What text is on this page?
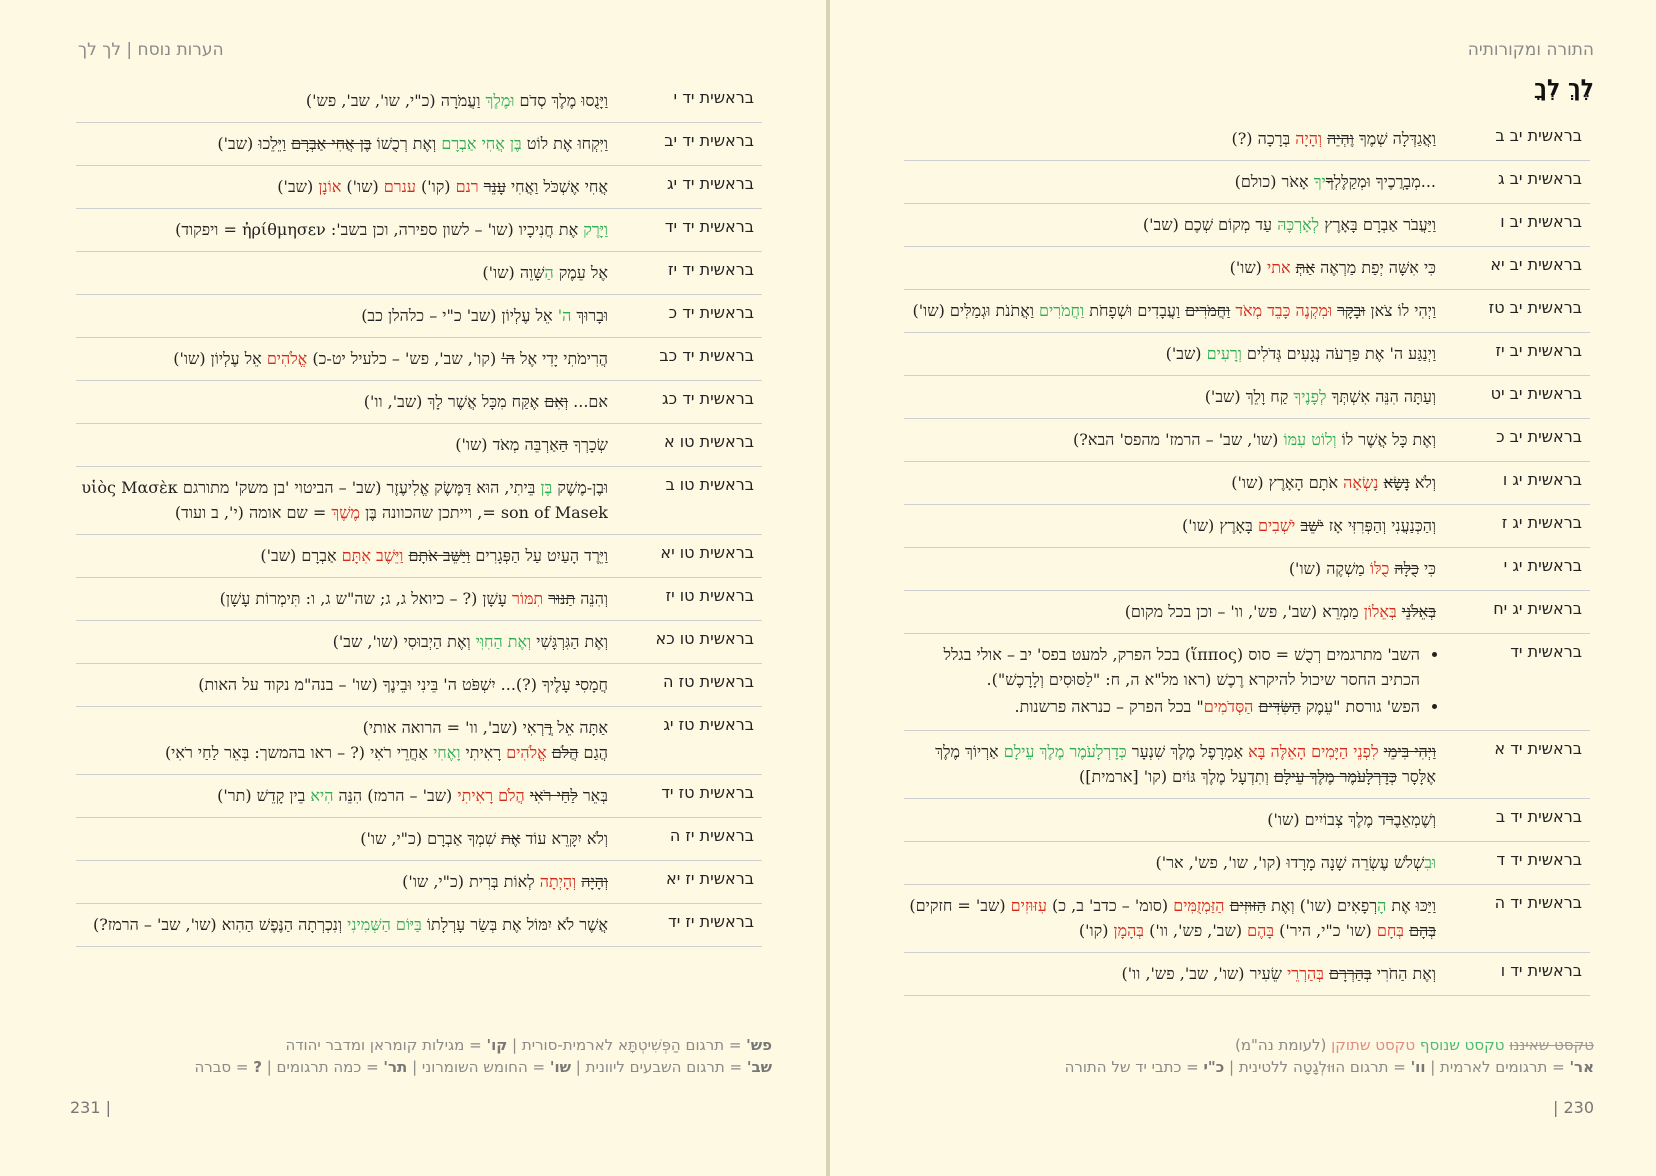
הערות נוסח | לך לך
בראשית יד י
וַיָּנֻסוּ מֶלֶךְ סְדֹם וּמֶלֶךְ וַעֲמֹרָה (כ"י, שו', שב', פש')
בראשית יד יב
וַיִּקְחוּ אֶת לוֹט בֶּן אֲחִי אַבְרָם וְאֶת רְכֻשׁוֹ בֶּן אֲחִי אַבְרָם וַיֵּלֵכוּ (שב')
בראשית יד יג
אֲחִי אֶשְׁכֹּל וַאֲחִי עָנֵר רנם (קו') ענרם (שו') אוֹנָן (שב')
בראשית יד יד
וַיָּרֶק אֶת חֲנִיכָיו (שו' – לשון ספירה, וכן בשב': ἠρίθμησεν = ויפקוד)
בראשית יד יז
אֶל עֵמֶק הַשָּׁוֵה (שו')
בראשית יד כ
וּבָרוּךְ ה' אֵל עֶלְיוֹן (שב' כ"י – כלהלן כב)
בראשית יד כב
הֲרִימֹתִי יָדִי אֶל ה' (קו', שב', פש' – כלעיל יט-כ) אֱלֹהִים אֵל עֶלְיוֹן (שו')
בראשית יד כג
אם... וְאִם אֶקַּח מִכָּל אֲשֶׁר לָךְ (שב', וו')
בראשית טו א
שְׂכָרְךָ הַאַרְבֵּה מְאֹד (שו')
בראשית טו ב
וּבֶן-מֶשֶׁק בֶּן בֵּיתִי, הוּא דַּמֶּשֶׂק אֱלִיעֶזֶר (שב' – הביטוי 'בן משק' מתורגם υἱὸς Μασὲκ = son of Masek, וייתכן שהכוונה בֶּן מֶשֶׁךְ = שם אומה (י', ב ועוד)
בראשית טו יא
וַיֵּרֶד הָעַיִט עַל הַפְּגָרִים וַיַּשֵּׁב אֹתָם וַיֵּשֶׁב אִתָּם אַבְרָם (שב')
בראשית טו יז
וְהִנֵּה תַנּוּר תִמּוֹר עָשָׁן (? – כיואל ג, ג; שה"ש ג, ו: תִּימְרוֹת עָשָׁן)
בראשית טו כא
וְאֶת הַגִּרְגָּשִׁי וְאֶת הַחִוִּי וְאֶת הַיְבוּסִי (שו', שב')
בראשית טז ה
חֲמָסִי עָלֶיךָ (?)... יִשְׁפֹּט ה' בֵּינִי וּבֵינֶךָ (שו' – בנה"מ נקוד על האות)
בראשית טז יג
אַתָּה אֵל רֳרְאִי (שב', וו' = הרואה אותי)
הֲגַם הֲלֹם אֱלֹהִים רָאִיתִי וָאֶחִי אַחֲרֵי רֹאִי (? – ראו בהמשך: בְּאֵר לַחַי רֹאִי)
בראשית טז יד
בְּאֵר לַחַי רֹאִי הֲלֹם רָאִיתִי (שב' – הרמז) הִנֵּה הִיא בֵין קָדֵשׁ (תר')
בראשית יז ה
וְלֹא יִקָּרֵא עוֹד אֶת שִׁמְךָ אַבְרָם (כ"י, שו')
בראשית יז יא
וְהָיָה וְהָיְתָה לְאוֹת בְּרִית (כ"י, שו')
בראשית יז יד
אֲשֶׁר לֹא יִמּוֹל אֶת בְּשַׂר עָרְלָתוֹ בַּיּוֹם הַשְּׁמִינִי וְנִכְרְתָה הַנֶּפֶשׁ הַהִוא (שו', שב' – הרמז?)
פש' = תרגום הַפְּשִׁיטְתָּא לארמית-סורית | קו' = מגילות קומראן ומדבר יהודה
שב' = תרגום השבעים ליוונית | שו' = החומש השומרוני | תר' = כמה תרגומים | ? = סברה
231 |
התורה ומקורותיה
לֶךְ לְךָ
בראשית יב ב
וַאֲגַדְּלָה שְׁמֶךָ וֶהְיֵה וְהָיָה בְּרָכָה (?)
בראשית יב ג
...מְבָרֲכֶיךָ וּמְקַלֶּלְךָיךָ אָאֹר (כולם)
בראשית יב ו
וַיַּעֲבֹר אַבְרָם בָּאָרֶץ לְאָרְכָּהּ עַד מְקוֹם שְׁכֶם (שב')
בראשית יב יא
כִּי אִשָּׁה יְפַת מַרְאֶה אַתְּ אתי (שו')
בראשית יב טז
וַיְהִי לוֹ צֹאן וּבָקָר וּמִקְנֶה כָּבֵד מְאֹד וַחֲמֹרִים וַעֲבָדִים וּשְׁפָחֹת וַחֲמֹרִים וַאֲתֹנֹת וּגְמַלִּים (שו')
בראשית יב יז
וַיְנַגַּע ה' אֶת פַּרְעֹה נְגָעִים גְּדֹלִים וְרָעִים (שב')
בראשית יב יט
וְעַתָּה הִנֵּה אִשְׁתְּךָ לְפָנֶיךָ קַח וָלֵךְ (שב')
בראשית יב כ
וְאֶת כָּל אֲשֶׁר לוֹ וְלוֹט עִמּוֹ (שו', שב' – הרמז' מהפס' הבא?)
בראשית יג ו
וְלֹא נָשָׂא נָשְׂאָה אֹתָם הָאָרֶץ (שו')
בראשית יג ז
וְהַכְּנַעֲנִי וְהַפְּרִזִּי אָז יֹשֵׁב יֹשְׁבִים בָּאָרֶץ (שו')
בראשית יג י
כִּי כֻלָּהּ כֻלּוֹ מַשְׁקֶה (שו')
בראשית יג יח
בְּאֵלֹנֵי בְּאֵלוֹן מַמְרֵא (שב', פש', וו' – וכן בכל מקום)
בראשית יד
• השב' מתרגמים רְכֻשׁ = סוס (ἵππος) בכל הפרק, למעט בפס' יב – אולי בגלל הכתיב החסר שיכול להיקרא רֶכֶשׁ (ראו מל"א ה, ח: "לַסּוּסִים וְלָרָכֶשׁ").
• הפש' גורסת "עֵמֶק הַשִּׂדִּים הַסְּדֹמִים" בכל הפרק – כנראה פרשנות.
בראשית יד א
וַיְהִי בִּימֵי לִפְנֵי הַיָּמִים הָאֵלֶּה בָּא אַמְרָפֶל מֶלֶךְ שִׁנְעָר כְּדָרְלָעֹמֶר מֶלֶךְ עֵילָם אַרְיוֹךְ מֶלֶךְ אֶלָּסָר כְּדָרְלָעֹמֶר מֶלֶךְ עֵילָם וְתִדְעָל מֶלֶךְ גּוֹיִם (קו' [ארמית])
בראשית יד ב
וְשֶׁמְאֵבֶרד מֶלֶךְ צְבוֹיִים (שו')
בראשית יד ד
וּבִשְׁלֹשׁ עֶשְׂרֵה שָׁנָה מָרָדוּ (קו', שו', פש', אר')
בראשית יד ה
וַיַּכּוּ אֶת הָרְפָאִים (שו') וְאֶת הַזּוּזִים הַזַּמְזֻמִּים (סומ' – כדב' ב, כ) עִזּוּזִים (שב' = חזקים) בְּהָם בְּחָם (שו' כ"י, היר') בָּהֶם (שב', פש', וו') בְּהָמָן (קו')
בראשית יד ו
וְאֶת הַחֹרִי בְּהַרְרָם בְּהַרְרֵי שֵׂעִיר (שו', שב', פש', וו')
טקסט שאיננו טקסט שנוסף טקסט שתוקן (לעומת נה"מ)
אר' = תרגומים לארמית | וו' = תרגום הוּוּלְגָטָה ללטינית | כ"י = כתבי יד של התורה
| 230
